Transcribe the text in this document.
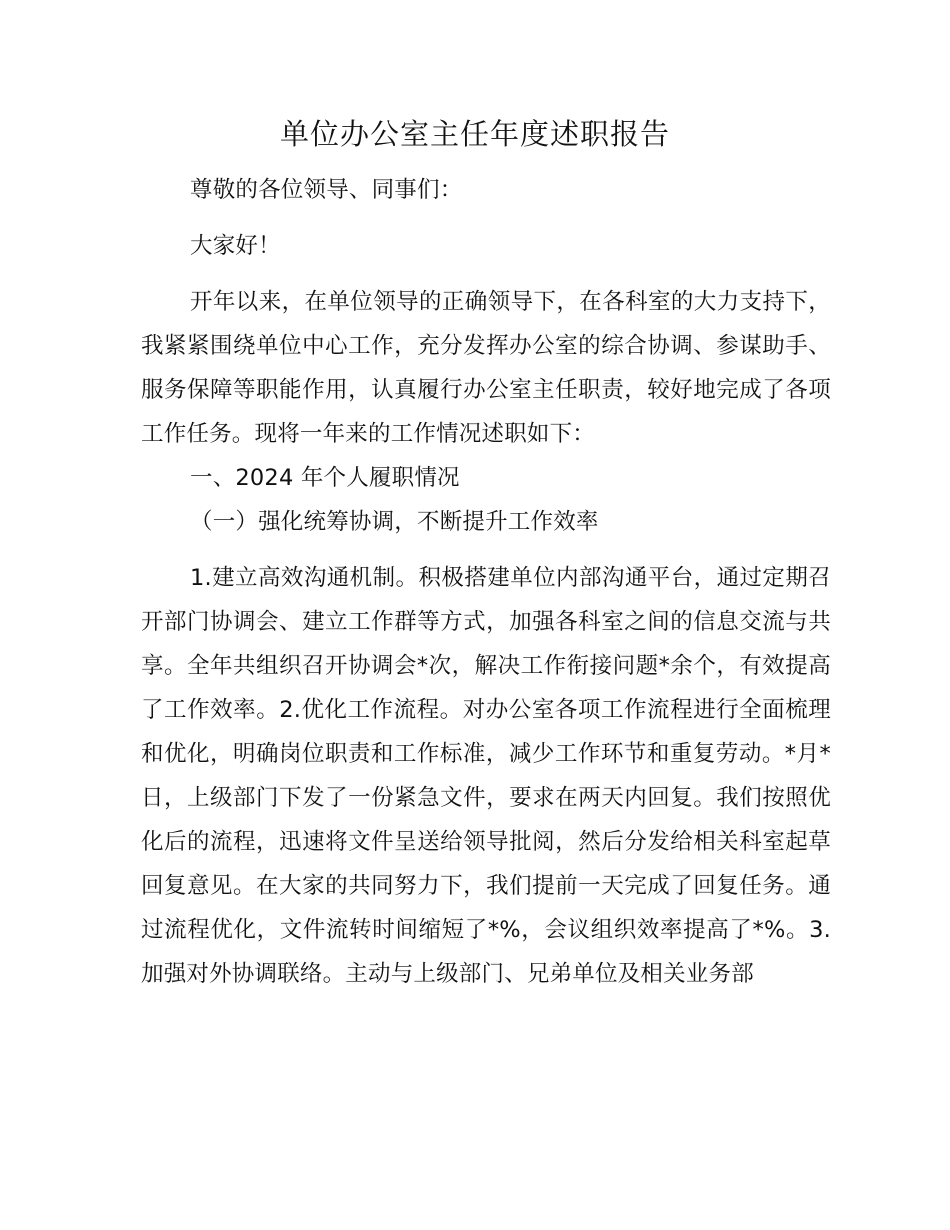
单位办公室主任年度述职报告

尊敬的各位领导、同事们：

大家好！

开年以来，在单位领导的正确领导下，在各科室的大力支持下，我紧紧围绕单位中心工作，充分发挥办公室的综合协调、参谋助手、服务保障等职能作用，认真履行办公室主任职责，较好地完成了各项工作任务。现将一年来的工作情况述职如下：

一、2024 年个人履职情况

（一）强化统筹协调，不断提升工作效率

1.建立高效沟通机制。积极搭建单位内部沟通平台，通过定期召开部门协调会、建立工作群等方式，加强各科室之间的信息交流与共享。全年共组织召开协调会*次，解决工作衔接问题*余个，有效提高了工作效率。2.优化工作流程。对办公室各项工作流程进行全面梳理和优化，明确岗位职责和工作标准，减少工作环节和重复劳动。*月*日，上级部门下发了一份紧急文件，要求在两天内回复。我们按照优化后的流程，迅速将文件呈送给领导批阅，然后分发给相关科室起草回复意见。在大家的共同努力下，我们提前一天完成了回复任务。通过流程优化，文件流转时间缩短了*%，会议组织效率提高了*%。3.加强对外协调联络。主动与上级部门、兄弟单位及相关业务部
